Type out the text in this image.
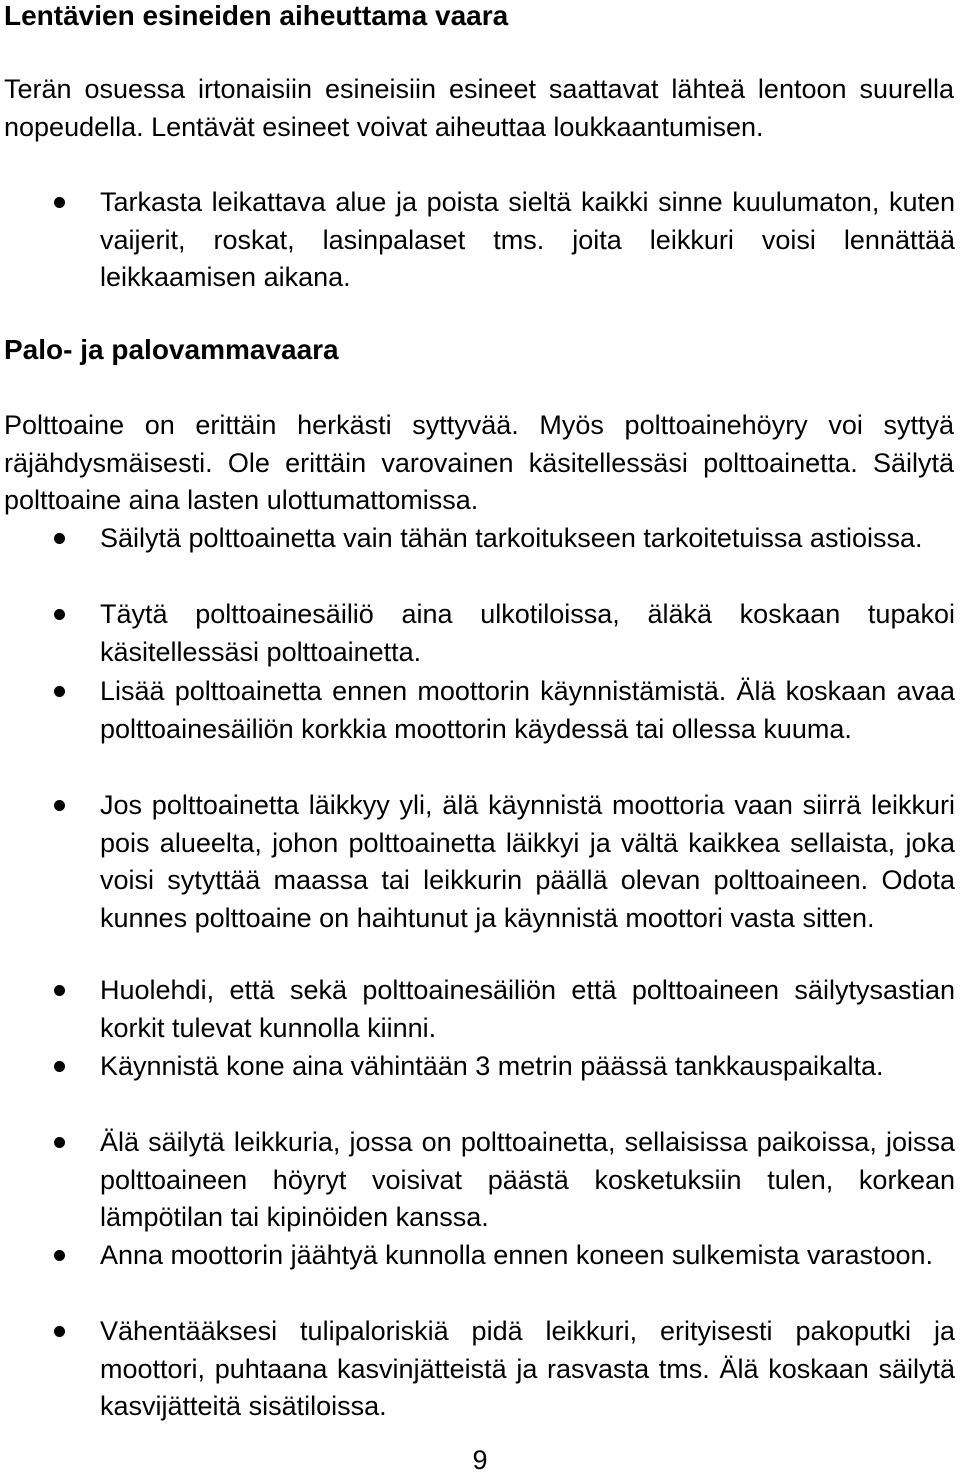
Lentävien esineiden aiheuttama vaara

Terän osuessa irtonaisiin esineisiin esineet saattavat lähteä lentoon suurella nopeudella. Lentävät esineet voivat aiheuttaa loukkaantumisen.

Tarkasta leikattava alue ja poista sieltä kaikki sinne kuulumaton, kuten vaijerit, roskat, lasinpalaset tms. joita leikkuri voisi lennättää leikkaamisen aikana.
Palo- ja palovammavaara

Polttoaine on erittäin herkästi syttyvää. Myös polttoainehöyry voi syttyä räjähdysmäisesti. Ole erittäin varovainen käsitellessäsi polttoainetta. Säilytä polttoaine aina lasten ulottumattomissa.

Säilytä polttoainetta vain tähän tarkoitukseen tarkoitetuissa astioissa.
Täytä polttoainesäiliö aina ulkotiloissa, äläkä koskaan tupakoi käsitellessäsi polttoainetta.
Lisää polttoainetta ennen moottorin käynnistämistä. Älä koskaan avaa polttoainesäiliön korkkia moottorin käydessä tai ollessa kuuma.
Jos polttoainetta läikkyy yli, älä käynnistä moottoria vaan siirrä leikkuri pois alueelta, johon polttoainetta läikkyi ja vältä kaikkea sellaista, joka voisi sytyttää maassa tai leikkurin päällä olevan polttoaineen. Odota kunnes polttoaine on haihtunut ja käynnistä moottori vasta sitten.
Huolehdi, että sekä polttoainesäiliön että polttoaineen säilytysastian korkit tulevat kunnolla kiinni.
Käynnistä kone aina vähintään 3 metrin päässä tankkauspaikalta.
Älä säilytä leikkuria, jossa on polttoainetta, sellaisissa paikoissa, joissa polttoaineen höyryt voisivat päästä kosketuksiin tulen, korkean lämpötilan tai kipinöiden kanssa.
Anna moottorin jäähtyä kunnolla ennen koneen sulkemista varastoon.
Vähentääksesi tulipaloriskiä pidä leikkuri, erityisesti pakoputki ja moottori, puhtaana kasvinjätteistä ja rasvasta tms. Älä koskaan säilytä kasvijätteitä sisätiloissa.
9
